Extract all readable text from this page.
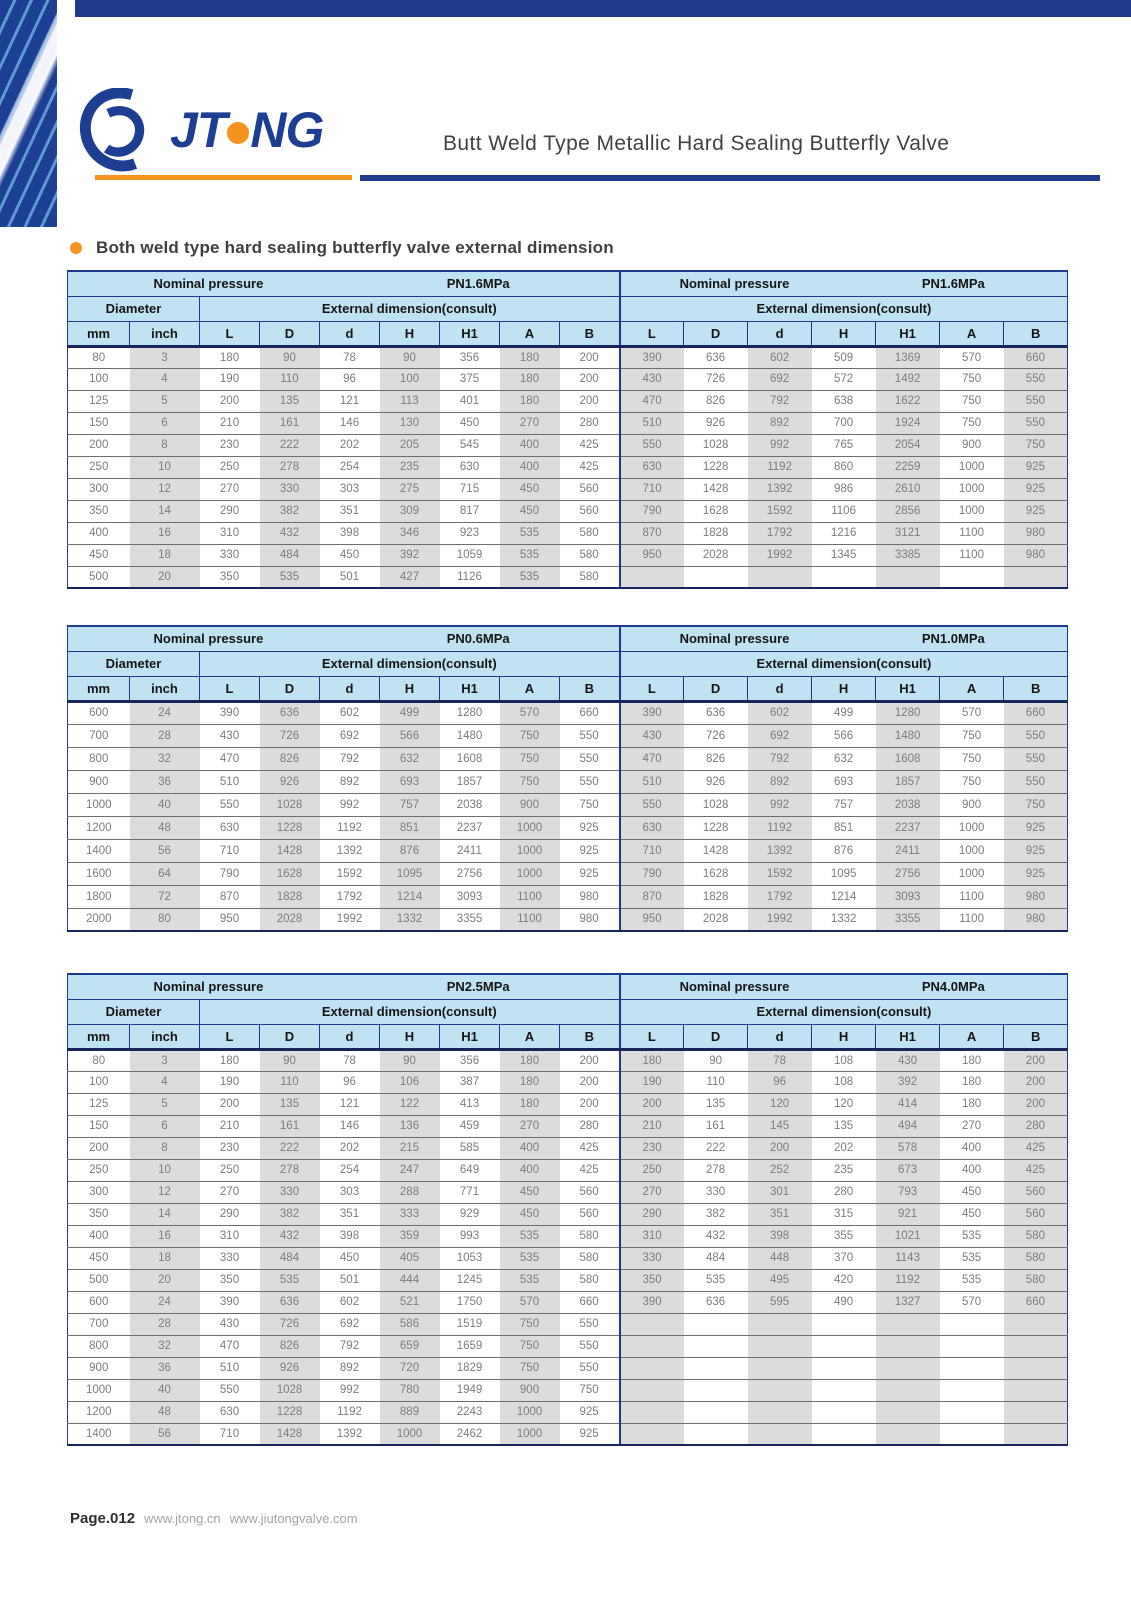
JT NG	Butt Weld Type Metallic Hard Sealing Butterfly Valve
Both weld type hard sealing butterfly valve external dimension
Nominal pressure PN1.6MPa									Nominal pressure PN1.6MPa						
Diameter		External dimension(consult)							External dimension(consult)						
mm	inch	L	D	d	H	H1	A	B	L	D	d	H	H1	A	B
80	3	180	90	78	90	356	180	200	390	636	602	509	1369	570	660
100	4	190	110	96	100	375	180	200	430	726	692	572	1492	750	550
125	5	200	135	121	113	401	180	200	470	826	792	638	1622	750	550
150	6	210	161	146	130	450	270	280	510	926	892	700	1924	750	550
200	8	230	222	202	205	545	400	425	550	1028	992	765	2054	900	750
250	10	250	278	254	235	630	400	425	630	1228	1192	860	2259	1000	925
300	12	270	330	303	275	715	450	560	710	1428	1392	986	2610	1000	925
350	14	290	382	351	309	817	450	560	790	1628	1592	1106	2856	1000	925
400	16	310	432	398	346	923	535	580	870	1828	1792	1216	3121	1100	980
450	18	330	484	450	392	1059	535	580	950	2028	1992	1345	3385	1100	980
500	20	350	535	501	427	1126	535	580							
Nominal pressure PN0.6MPa									Nominal pressure PN1.0MPa						
Diameter		External dimension(consult)							External dimension(consult)						
mm	inch	L	D	d	H	H1	A	B	L	D	d	H	H1	A	B
600	24	390	636	602	499	1280	570	660	390	636	602	499	1280	570	660
700	28	430	726	692	566	1480	750	550	430	726	692	566	1480	750	550
800	32	470	826	792	632	1608	750	550	470	826	792	632	1608	750	550
900	36	510	926	892	693	1857	750	550	510	926	892	693	1857	750	550
1000	40	550	1028	992	757	2038	900	750	550	1028	992	757	2038	900	750
1200	48	630	1228	1192	851	2237	1000	925	630	1228	1192	851	2237	1000	925
1400	56	710	1428	1392	876	2411	1000	925	710	1428	1392	876	2411	1000	925
1600	64	790	1628	1592	1095	2756	1000	925	790	1628	1592	1095	2756	1000	925
1800	72	870	1828	1792	1214	3093	1100	980	870	1828	1792	1214	3093	1100	980
2000	80	950	2028	1992	1332	3355	1100	980	950	2028	1992	1332	3355	1100	980
Nominal pressure PN2.5MPa									Nominal pressure PN4.0MPa						
Diameter		External dimension(consult)							External dimension(consult)						
mm	inch	L	D	d	H	H1	A	B	L	D	d	H	H1	A	B
80	3	180	90	78	90	356	180	200	180	90	78	108	430	180	200
100	4	190	110	96	106	387	180	200	190	110	96	108	392	180	200
125	5	200	135	121	122	413	180	200	200	135	120	120	414	180	200
150	6	210	161	146	136	459	270	280	210	161	145	135	494	270	280
200	8	230	222	202	215	585	400	425	230	222	200	202	578	400	425
250	10	250	278	254	247	649	400	425	250	278	252	235	673	400	425
300	12	270	330	303	288	771	450	560	270	330	301	280	793	450	560
350	14	290	382	351	333	929	450	560	290	382	351	315	921	450	560
400	16	310	432	398	359	993	535	580	310	432	398	355	1021	535	580
450	18	330	484	450	405	1053	535	580	330	484	448	370	1143	535	580
500	20	350	535	501	444	1245	535	580	350	535	495	420	1192	535	580
600	24	390	636	602	521	1750	570	660	390	636	595	490	1327	570	660
700	28	430	726	692	586	1519	750	550							
800	32	470	826	792	659	1659	750	550							
900	36	510	926	892	720	1829	750	550							
1000	40	550	1028	992	780	1949	900	750							
1200	48	630	1228	1192	889	2243	1000	925							
1400	56	710	1428	1392	1000	2462	1000	925							
Page.012 www.jtong.cn www.jiutongvalve.com
